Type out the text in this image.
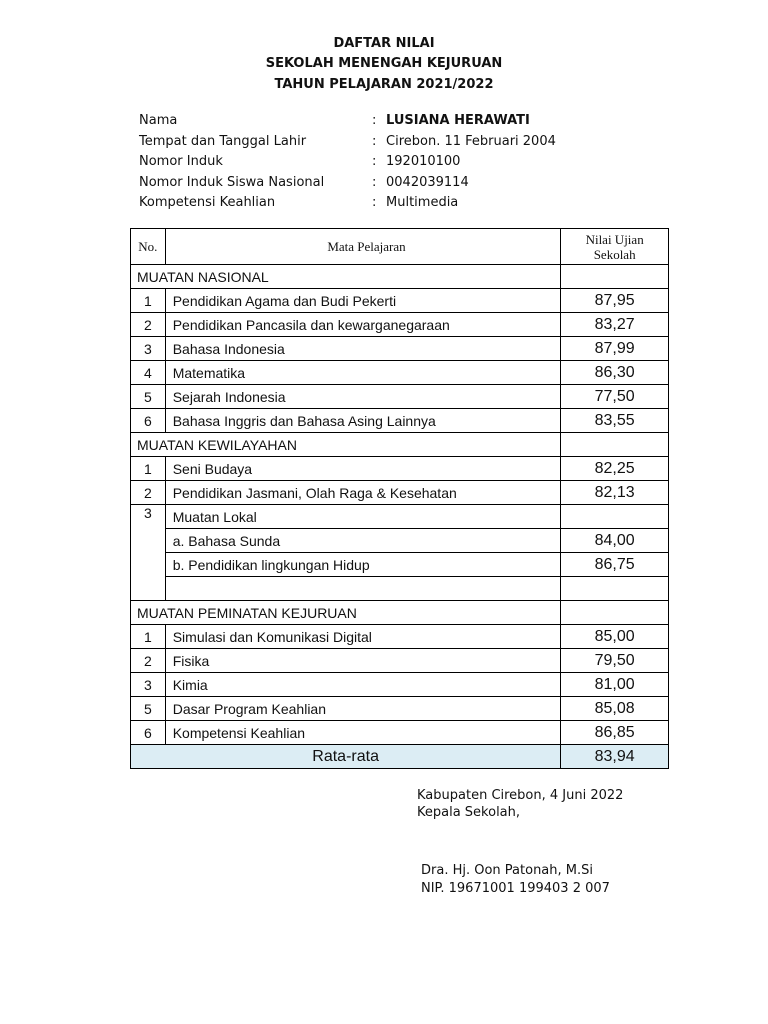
DAFTAR NILAI
SEKOLAH MENENGAH KEJURUAN
TAHUN PELAJARAN 2021/2022
Nama	: LUSIANA HERAWATI
Tempat dan Tanggal Lahir	: Cirebon. 11 Februari 2004
Nomor Induk	: 192010100
Nomor Induk Siswa Nasional	: 0042039114
Kompetensi Keahlian	: Multimedia
No.	Mata Pelajaran	Nilai Ujian
Sekolah
MUATAN NASIONAL		
1	Pendidikan Agama dan Budi Pekerti	87,95
2	Pendidikan Pancasila dan kewarganegaraan	83,27
3	Bahasa Indonesia	87,99
4	Matematika	86,30
5	Sejarah Indonesia	77,50
6	Bahasa Inggris dan Bahasa Asing Lainnya	83,55
MUATAN KEWILAYAHAN		
1	Seni Budaya	82,25
2	Pendidikan Jasmani, Olah Raga & Kesehatan	82,13
3	Muatan Lokal	
	a. Bahasa Sunda	84,00
	b. Pendidikan lingkungan Hidup	86,75

MUATAN PEMINATAN KEJURUAN		
1	Simulasi dan Komunikasi Digital	85,00
2	Fisika	79,50
3	Kimia	81,00
5	Dasar Program Keahlian	85,08
6	Kompetensi Keahlian	86,85
Rata-rata		83,94
Kabupaten Cirebon, 4 Juni 2022
Kepala Sekolah,
Dra. Hj. Oon Patonah, M.Si
NIP. 19671001 199403 2 007
